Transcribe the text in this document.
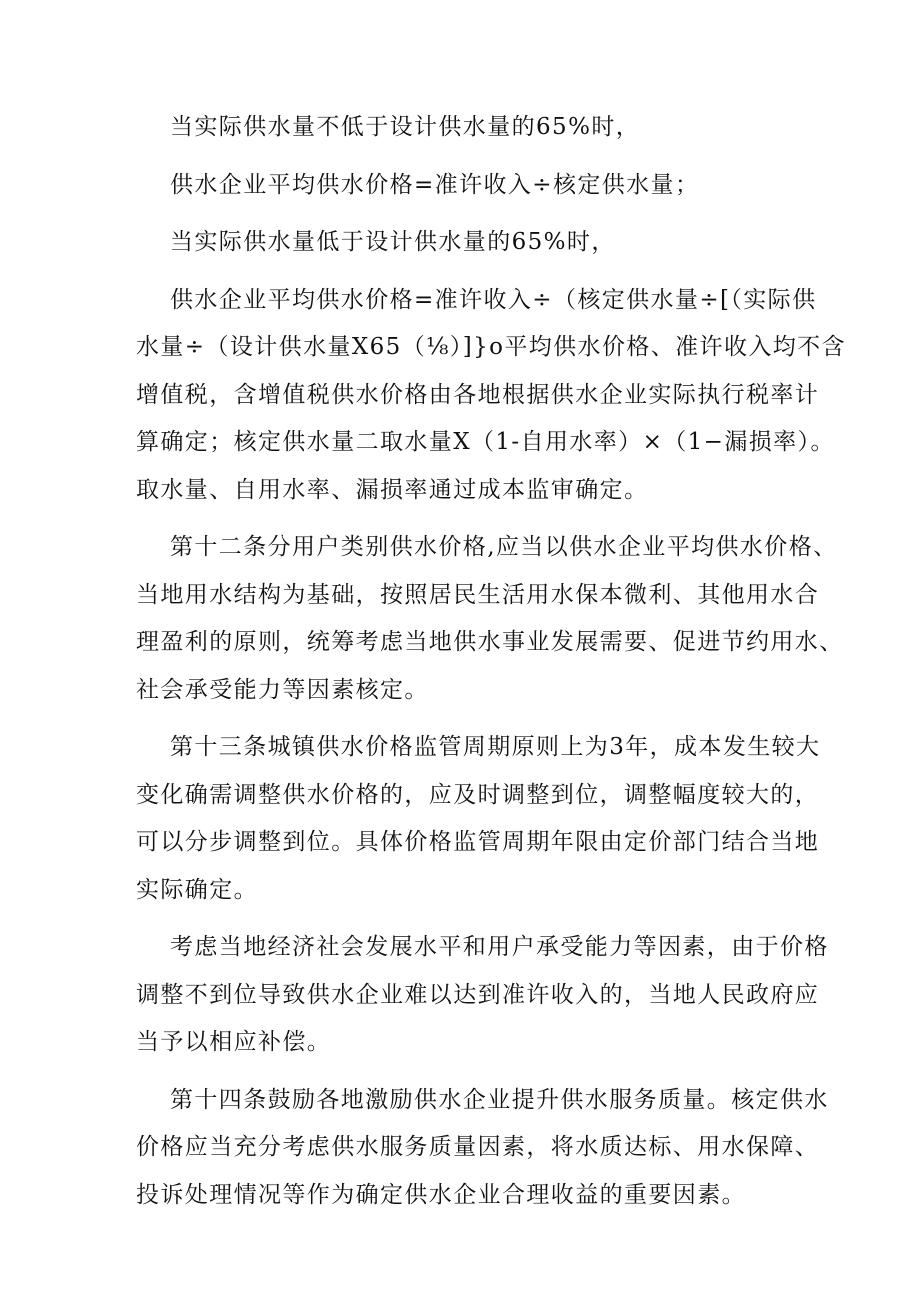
当实际供水量不低于设计供水量的65%时，

供水企业平均供水价格=准许收入÷核定供水量；

当实际供水量低于设计供水量的65%时，

供水企业平均供水价格=准许收入÷（核定供水量÷[（实际供
水量÷（设计供水量X65（⅛）]}o平均供水价格、准许收入均不含
增值税，含增值税供水价格由各地根据供水企业实际执行税率计
算确定；核定供水量二取水量X（1-自用水率）×（1−漏损率）。
取水量、自用水率、漏损率通过成本监审确定。

第十二条分用户类别供水价格,应当以供水企业平均供水价格、
当地用水结构为基础，按照居民生活用水保本微利、其他用水合
理盈利的原则，统筹考虑当地供水事业发展需要、促进节约用水、
社会承受能力等因素核定。

第十三条城镇供水价格监管周期原则上为3年，成本发生较大
变化确需调整供水价格的，应及时调整到位，调整幅度较大的，
可以分步调整到位。具体价格监管周期年限由定价部门结合当地
实际确定。

考虑当地经济社会发展水平和用户承受能力等因素，由于价格
调整不到位导致供水企业难以达到准许收入的，当地人民政府应
当予以相应补偿。

第十四条鼓励各地激励供水企业提升供水服务质量。核定供水
价格应当充分考虑供水服务质量因素，将水质达标、用水保障、
投诉处理情况等作为确定供水企业合理收益的重要因素。
